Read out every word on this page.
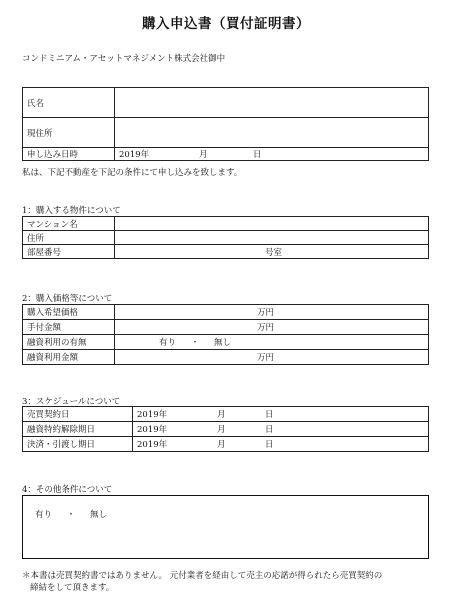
購入申込書（買付証明書）
コンドミニアム・アセットマネジメント株式会社御中
氏名	
現住所	
申し込み日時	2019年 月 日
私は、下記不動産を下記の条件にて申し込みを致します。
1：購入する物件について
マンション名	
住所	
部屋番号	号室
2：購入価格等について
購入希望価格	万円
手付金額	万円
融資利用の有無	有り ・ 無し
融資利用金額	万円
3：スケジュールについて
売買契約日	2019年 月 日

融資特約解除期日	2019年 月 日

決済・引渡し期日	2019年 月 日
4：その他条件について
有り ・ 無し
＊本書は売買契約書ではありません。 元付業者を経由して売主の応諾が得られたら売買契約の
締結をして頂きます。
